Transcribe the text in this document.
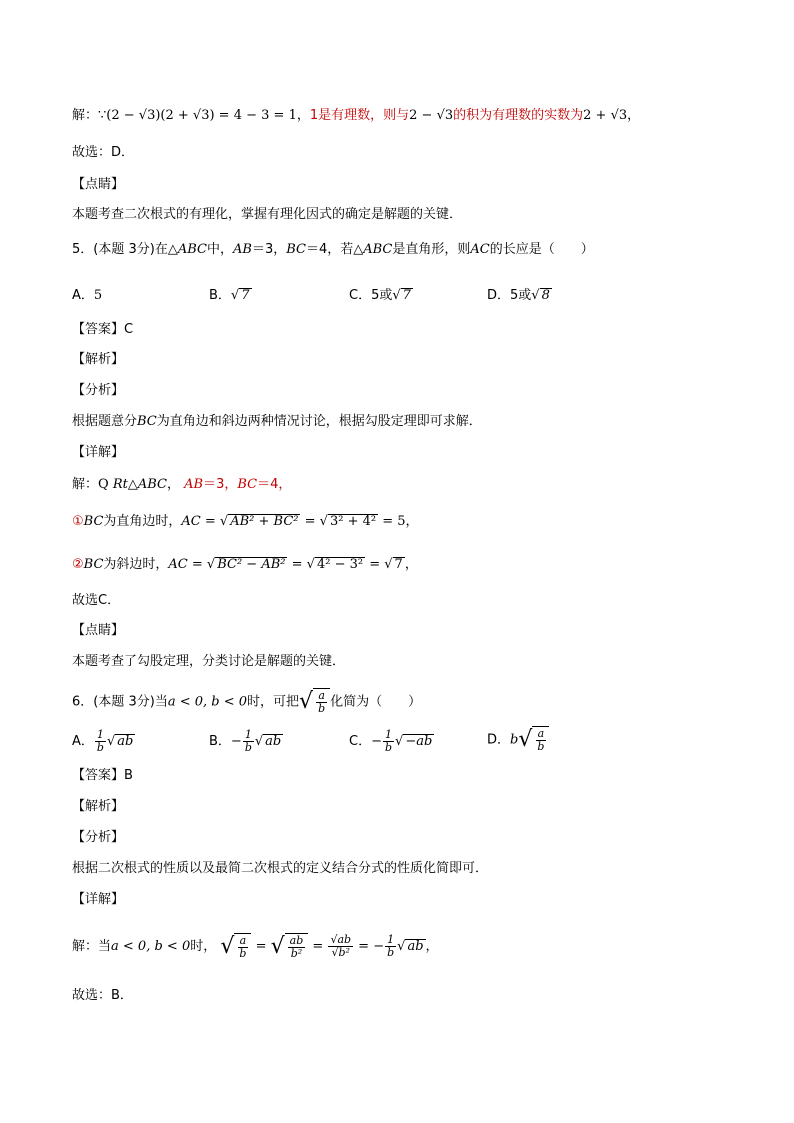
解：∵(2 − √3)(2 + √3) = 4 − 3 = 1，1是有理数，则与2 − √3的积为有理数的实数为2 + √3，
故选：D．
【点睛】
本题考查二次根式的有理化，掌握有理化因式的确定是解题的关键．
5．(本题 3分)在△ABC中，AB＝3，BC＝4，若△ABC是直角形，则AC的长应是（　　）
A．5	B．√ 7	C．5或√ 7	D．5或√ 8
【答案】C
【解析】
【分析】
根据题意分BC为直角边和斜边两种情况讨论，根据勾股定理即可求解．
【详解】
解：Q Rt△ABC， AB＝3，BC＝4，
①BC为直角边时，AC = √ AB² + BC² = √ 3² + 4² = 5，
②BC为斜边时，AC = √ BC² − AB² = √ 4² − 3² = √ 7 ，
故选C．
【点睛】
本题考查了勾股定理，分类讨论是解题的关键．
6．(本题 3分)当a < 0, b < 0时，可把 √ $\frac{a}{b}$ 化简为（　　）
A． $\frac{1}{b}$ √ ab	B．− $\frac{1}{b}$ √ ab	C．− $\frac{1}{b}$ √ −ab	D．b √ $\frac{a}{b}$
【答案】B
【解析】
【分析】
根据二次根式的性质以及最简二次根式的定义结合分式的性质化简即可．
【详解】
解：当a < 0, b < 0时， √ $\frac{a}{b}$ = √ $\frac{ab}{\text{b²}} = \frac{√ab}{\text{√b²}}$ = − $\frac{1}{b}$ √ ab ，
故选：B．
